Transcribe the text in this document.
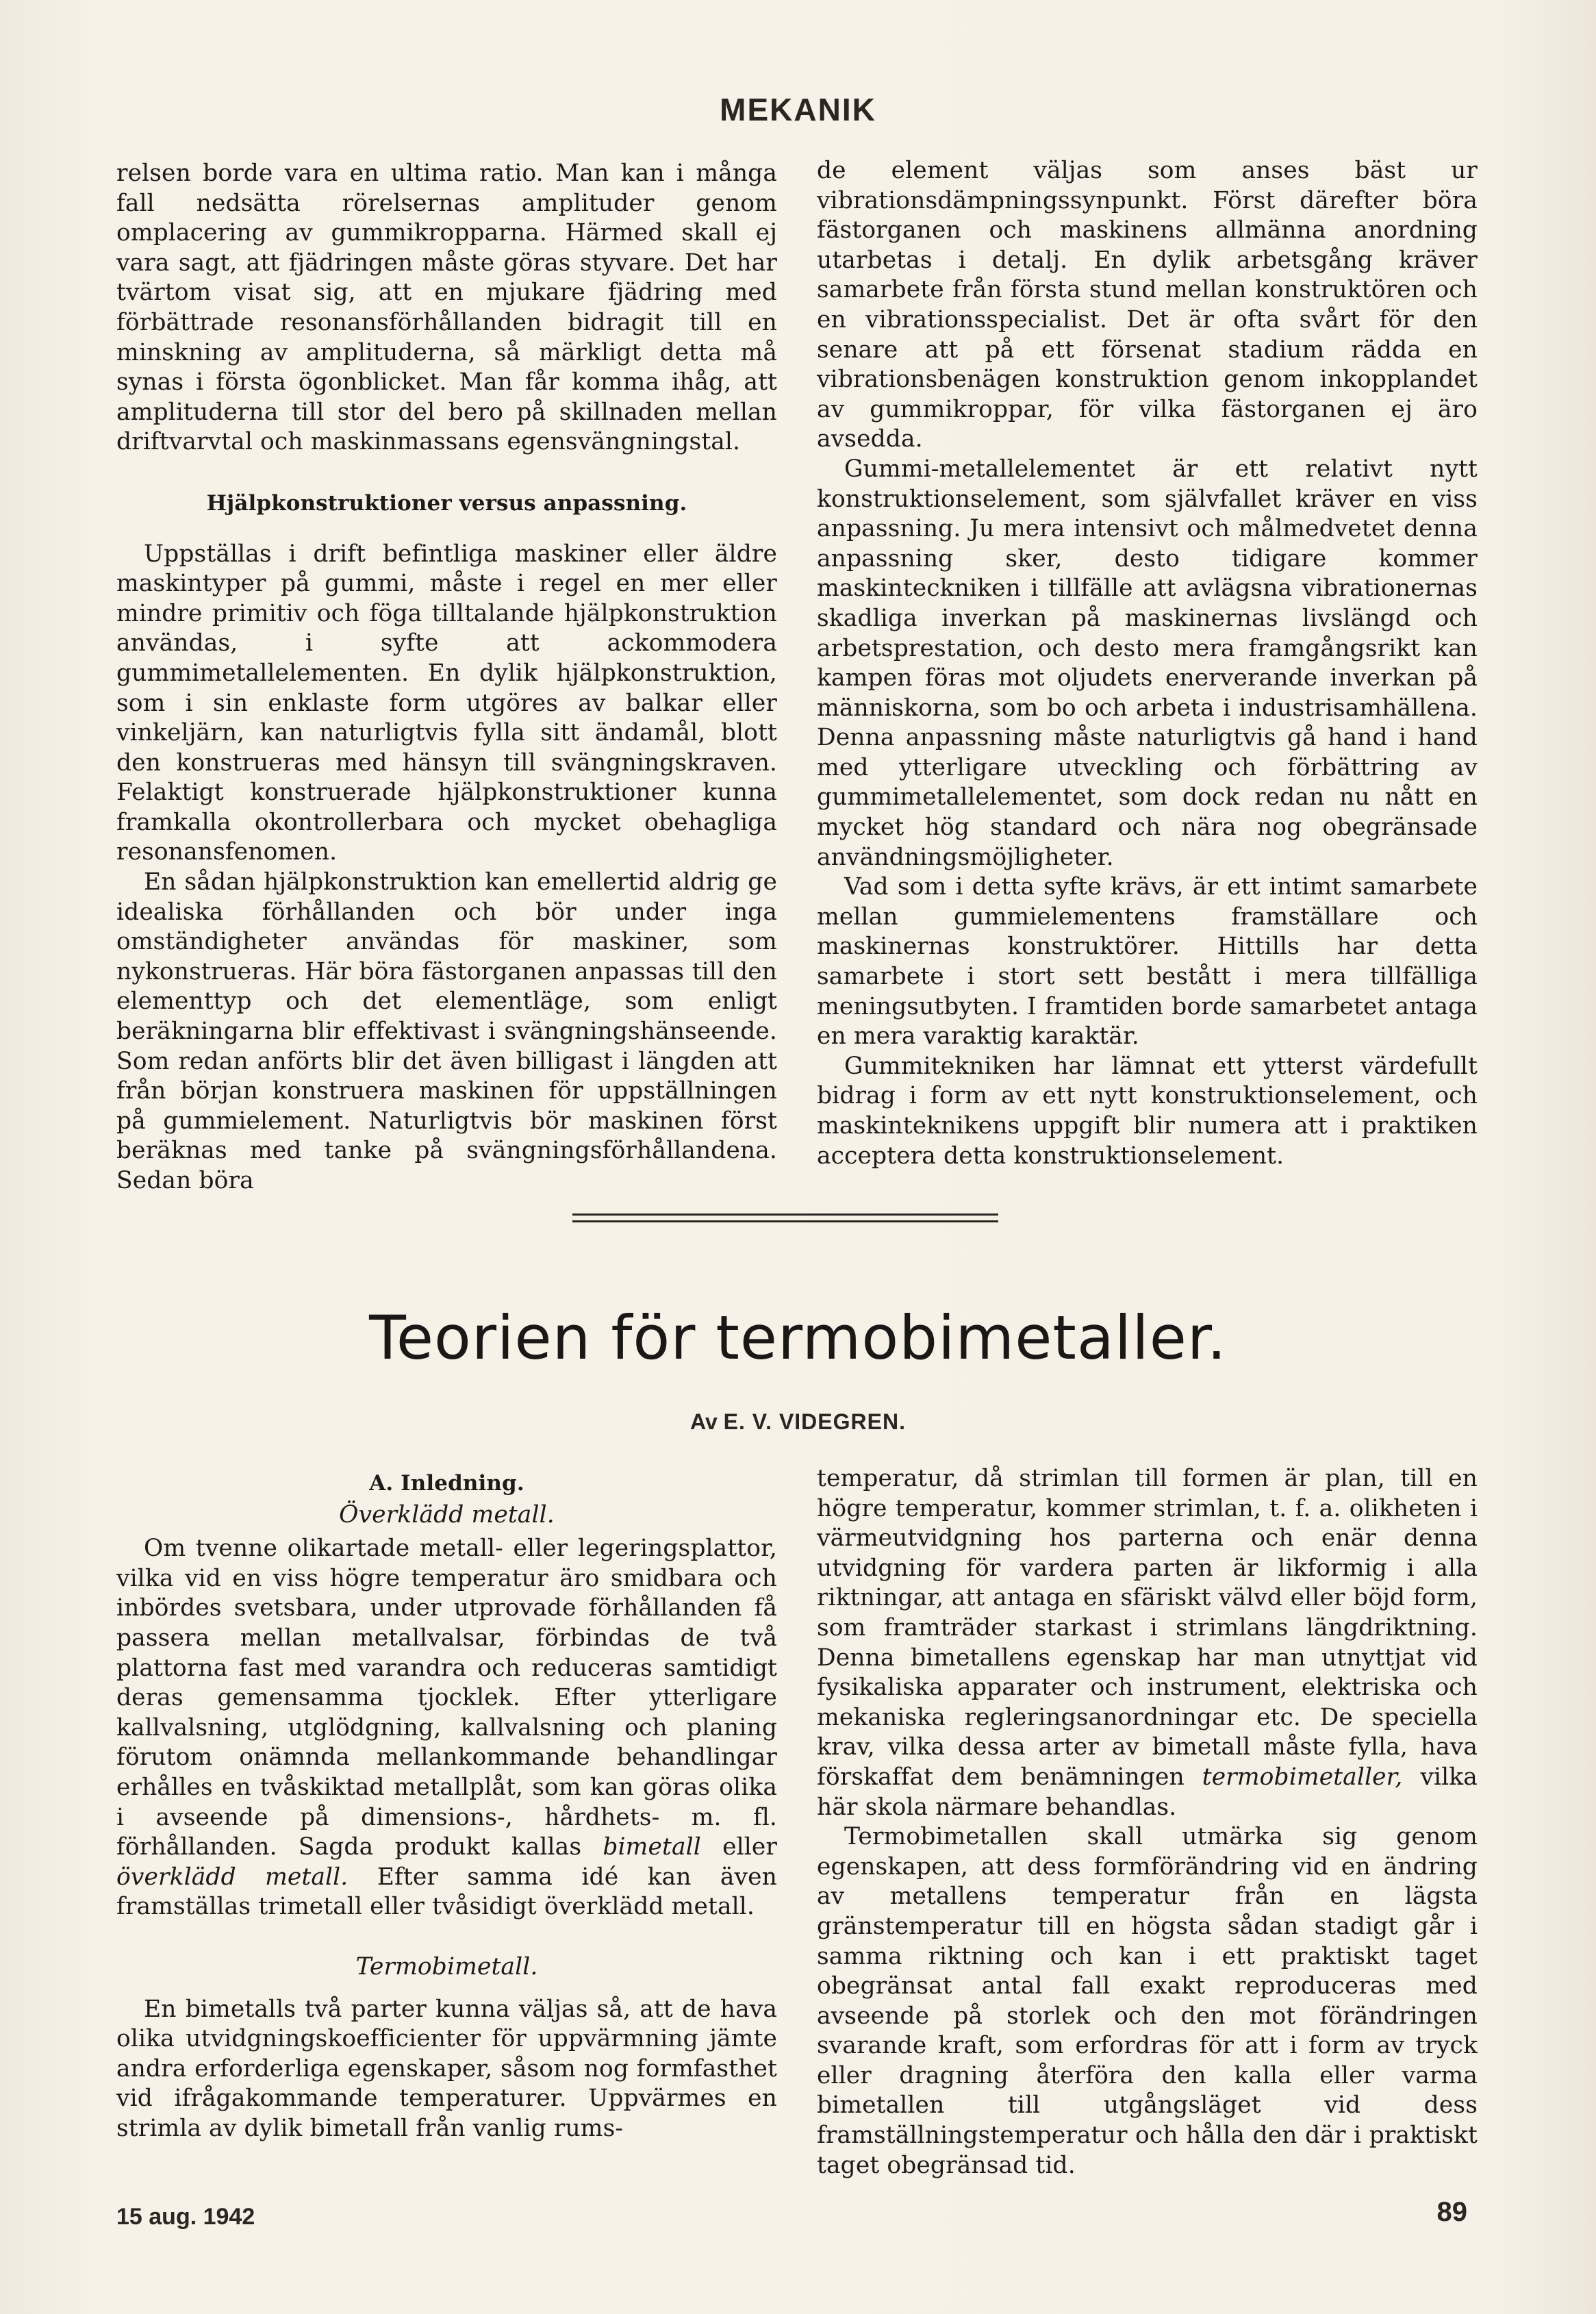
MEKANIK

relsen borde vara en ultima ratio. Man kan i många fall nedsätta rörelsernas amplituder genom omplacering av gummikropparna. Härmed skall ej vara sagt, att fjädringen måste göras styvare. Det har tvärtom visat sig, att en mjukare fjädring med förbättrade resonansförhållanden bidragit till en minskning av amplituderna, så märkligt detta må synas i första ögonblicket. Man får komma ihåg, att amplituderna till stor del bero på skillnaden mellan driftvarvtal och maskinmassans egensvängningstal.

Hjälpkonstruktioner versus anpassning.

Uppställas i drift befintliga maskiner eller äldre maskintyper på gummi, måste i regel en mer eller mindre primitiv och föga tilltalande hjälpkonstruktion användas, i syfte att ackommodera gummimetallelementen. En dylik hjälpkonstruktion, som i sin enklaste form utgöres av balkar eller vinkeljärn, kan naturligtvis fylla sitt ändamål, blott den konstrueras med hänsyn till svängningskraven. Felaktigt konstruerade hjälpkonstruktioner kunna framkalla okontrollerbara och mycket obehagliga resonansfenomen.

En sådan hjälpkonstruktion kan emellertid aldrig ge idealiska förhållanden och bör under inga omständigheter användas för maskiner, som nykonstrueras. Här böra fästorganen anpassas till den elementtyp och det elementläge, som enligt beräkningarna blir effektivast i svängningshänseende. Som redan anförts blir det även billigast i längden att från början konstruera maskinen för uppställningen på gummielement. Naturligtvis bör maskinen först beräknas med tanke på svängningsförhållandena. Sedan böra

de element väljas som anses bäst ur vibrationsdämpningssynpunkt. Först därefter böra fästorganen och maskinens allmänna anordning utarbetas i detalj. En dylik arbetsgång kräver samarbete från första stund mellan konstruktören och en vibrationsspecialist. Det är ofta svårt för den senare att på ett försenat stadium rädda en vibrationsbenägen konstruktion genom inkopplandet av gummikroppar, för vilka fästorganen ej äro avsedda.

Gummi-metallelementet är ett relativt nytt konstruktionselement, som självfallet kräver en viss anpassning. Ju mera intensivt och målmedvetet denna anpassning sker, desto tidigare kommer maskinteckniken i tillfälle att avlägsna vibrationernas skadliga inverkan på maskinernas livslängd och arbetsprestation, och desto mera framgångsrikt kan kampen föras mot oljudets enerverande inverkan på människorna, som bo och arbeta i industrisamhällena. Denna anpassning måste naturligtvis gå hand i hand med ytterligare utveckling och förbättring av gummimetallelementet, som dock redan nu nått en mycket hög standard och nära nog obegränsade användningsmöjligheter.

Vad som i detta syfte krävs, är ett intimt samarbete mellan gummielementens framställare och maskinernas konstruktörer. Hittills har detta samarbete i stort sett bestått i mera tillfälliga meningsutbyten. I framtiden borde samarbetet antaga en mera varaktig karaktär.

Gummitekniken har lämnat ett ytterst värdefullt bidrag i form av ett nytt konstruktionselement, och maskinteknikens uppgift blir numera att i praktiken acceptera detta konstruktionselement.

Teorien för termobimetaller.
Av E. V. VIDEGREN.
A. Inledning.
Överklädd metall.

Om tvenne olikartade metall- eller legeringsplattor, vilka vid en viss högre temperatur äro smidbara och inbördes svetsbara, under utprovade förhållanden få passera mellan metallvalsar, förbindas de två plattorna fast med varandra och reduceras samtidigt deras gemensamma tjocklek. Efter ytterligare kallvalsning, utglödgning, kallvalsning och planing förutom onämnda mellankommande behandlingar erhålles en tvåskiktad metallplåt, som kan göras olika i avseende på dimensions-, hårdhets- m. fl. förhållanden. Sagda produkt kallas bimetall eller överklädd metall. Efter samma idé kan även framställas trimetall eller tvåsidigt överklädd metall.

Termobimetall.

En bimetalls två parter kunna väljas så, att de hava olika utvidgningskoefficienter för uppvärmning jämte andra erforderliga egenskaper, såsom nog formfasthet vid ifrågakommande temperaturer. Uppvärmes en strimla av dylik bimetall från vanlig rums-

temperatur, då strimlan till formen är plan, till en högre temperatur, kommer strimlan, t. f. a. olikheten i värmeutvidgning hos parterna och enär denna utvidgning för vardera parten är likformig i alla riktningar, att antaga en sfäriskt välvd eller böjd form, som framträder starkast i strimlans längdriktning. Denna bimetallens egenskap har man utnyttjat vid fysikaliska apparater och instrument, elektriska och mekaniska regleringsanordningar etc. De speciella krav, vilka dessa arter av bimetall måste fylla, hava förskaffat dem benämningen termobimetaller, vilka här skola närmare behandlas.

Termobimetallen skall utmärka sig genom egenskapen, att dess formförändring vid en ändring av metallens temperatur från en lägsta gränstemperatur till en högsta sådan stadigt går i samma riktning och kan i ett praktiskt taget obegränsat antal fall exakt reproduceras med avseende på storlek och den mot förändringen svarande kraft, som erfordras för att i form av tryck eller dragning återföra den kalla eller varma bimetallen till utgångsläget vid dess framställningstemperatur och hålla den där i praktiskt taget obegränsad tid.

15 aug. 1942	89
